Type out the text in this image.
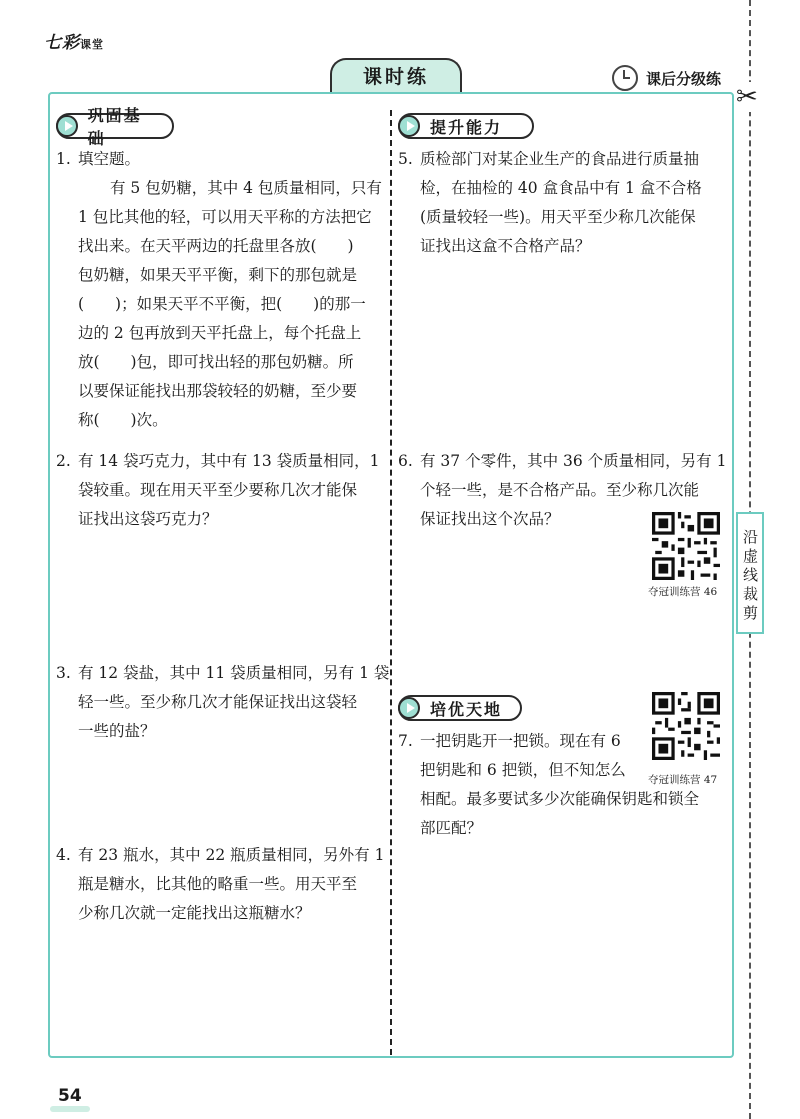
七彩课堂
课时练	课后分级练
✂
沿虚线裁剪
巩固基础
1. 填空题。
有 5 包奶糖，其中 4 包质量相同，只有
1 包比其他的轻，可以用天平称的方法把它
找出来。在天平两边的托盘里各放(　　)
包奶糖，如果天平平衡，剩下的那包就是
(　　)；如果天平不平衡，把(　　)的那一
边的 2 包再放到天平托盘上，每个托盘上
放(　　)包，即可找出轻的那包奶糖。所
以要保证能找出那袋较轻的奶糖，至少要
称(　　)次。
2. 有 14 袋巧克力，其中有 13 袋质量相同，1
袋较重。现在用天平至少要称几次才能保
证找出这袋巧克力？
3. 有 12 袋盐，其中 11 袋质量相同，另有 1 袋
轻一些。至少称几次才能保证找出这袋轻
一些的盐？
4. 有 23 瓶水，其中 22 瓶质量相同，另外有 1
瓶是糖水，比其他的略重一些。用天平至
少称几次就一定能找出这瓶糖水？
提升能力
5. 质检部门对某企业生产的食品进行质量抽
检，在抽检的 40 盒食品中有 1 盒不合格
(质量较轻一些)。用天平至少称几次能保
证找出这盒不合格产品？
6. 有 37 个零件，其中 36 个质量相同，另有 1
个轻一些，是不合格产品。至少称几次能
保证找出这个次品？
夺冠训练营 46
培优天地
夺冠训练营 47
7. 一把钥匙开一把锁。现在有 6
把钥匙和 6 把锁，但不知怎么
相配。最多要试多少次能确保钥匙和锁全
部匹配？
54
